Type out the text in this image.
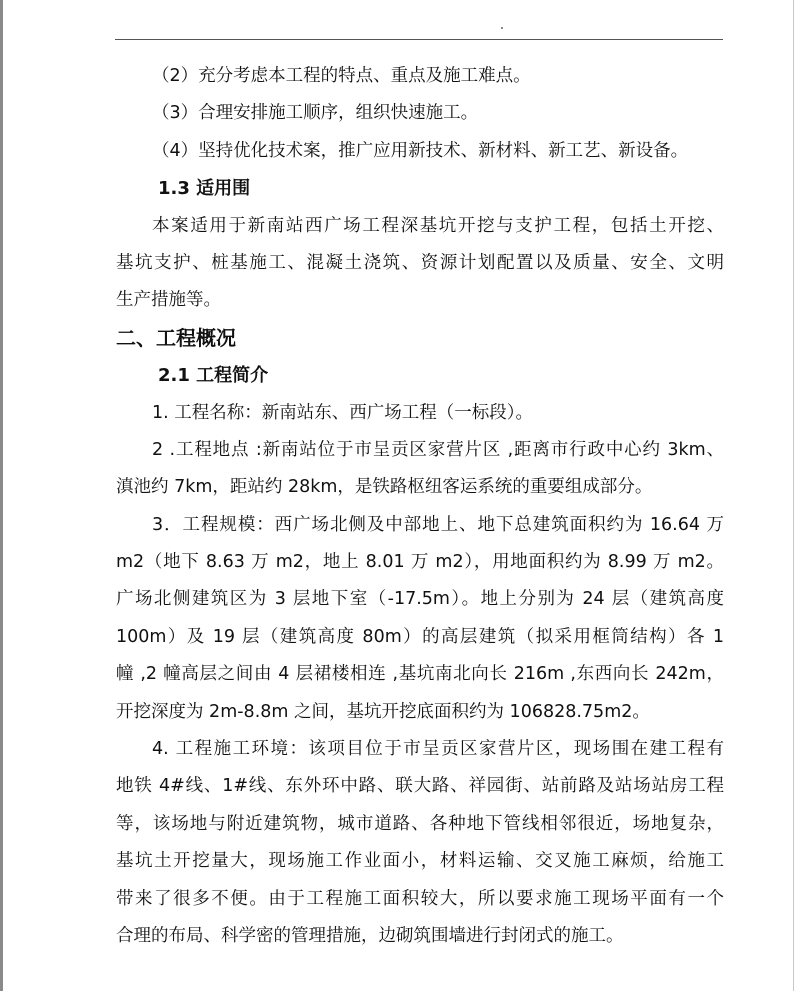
（2）充分考虑本工程的特点、重点及施工难点。
（3）合理安排施工顺序，组织快速施工。
（4）坚持优化技术案，推广应用新技术、新材料、新工艺、新设备。
1.3 适用围
本案适用于新南站西广场工程深基坑开挖与支护工程，包括土开挖、
基坑支护、桩基施工、混凝土浇筑、资源计划配置以及质量、安全、文明
生产措施等。
二、工程概况
2.1 工程简介
1. 工程名称：新南站东、西广场工程（一标段）。
2 .工程地点 :新南站位于市呈贡区家营片区 ,距离市行政中心约 3km、
滇池约 7km，距站约 28km，是铁路枢纽客运系统的重要组成部分。
3．工程规模：西广场北侧及中部地上、地下总建筑面积约为 16.64 万
m2（地下 8.63 万 m2，地上 8.01 万 m2），用地面积约为 8.99 万 m2。
广场北侧建筑区为 3 层地下室（-17.5m）。地上分别为 24 层（建筑高度
100m）及 19 层（建筑高度 80m）的高层建筑（拟采用框筒结构）各 1
幢 ,2 幢高层之间由 4 层裙楼相连 ,基坑南北向长 216m ,东西向长 242m，
开挖深度为 2m-8.8m 之间，基坑开挖底面积约为 106828.75m2。
4. 工程施工环境：该项目位于市呈贡区家营片区，现场围在建工程有
地铁 4#线、1#线、东外环中路、联大路、祥园街、站前路及站场站房工程
等，该场地与附近建筑物，城市道路、各种地下管线相邻很近，场地复杂，
基坑土开挖量大，现场施工作业面小，材料运输、交叉施工麻烦，给施工
带来了很多不便。由于工程施工面积较大，所以要求施工现场平面有一个
合理的布局、科学密的管理措施，边砌筑围墙进行封闭式的施工。
